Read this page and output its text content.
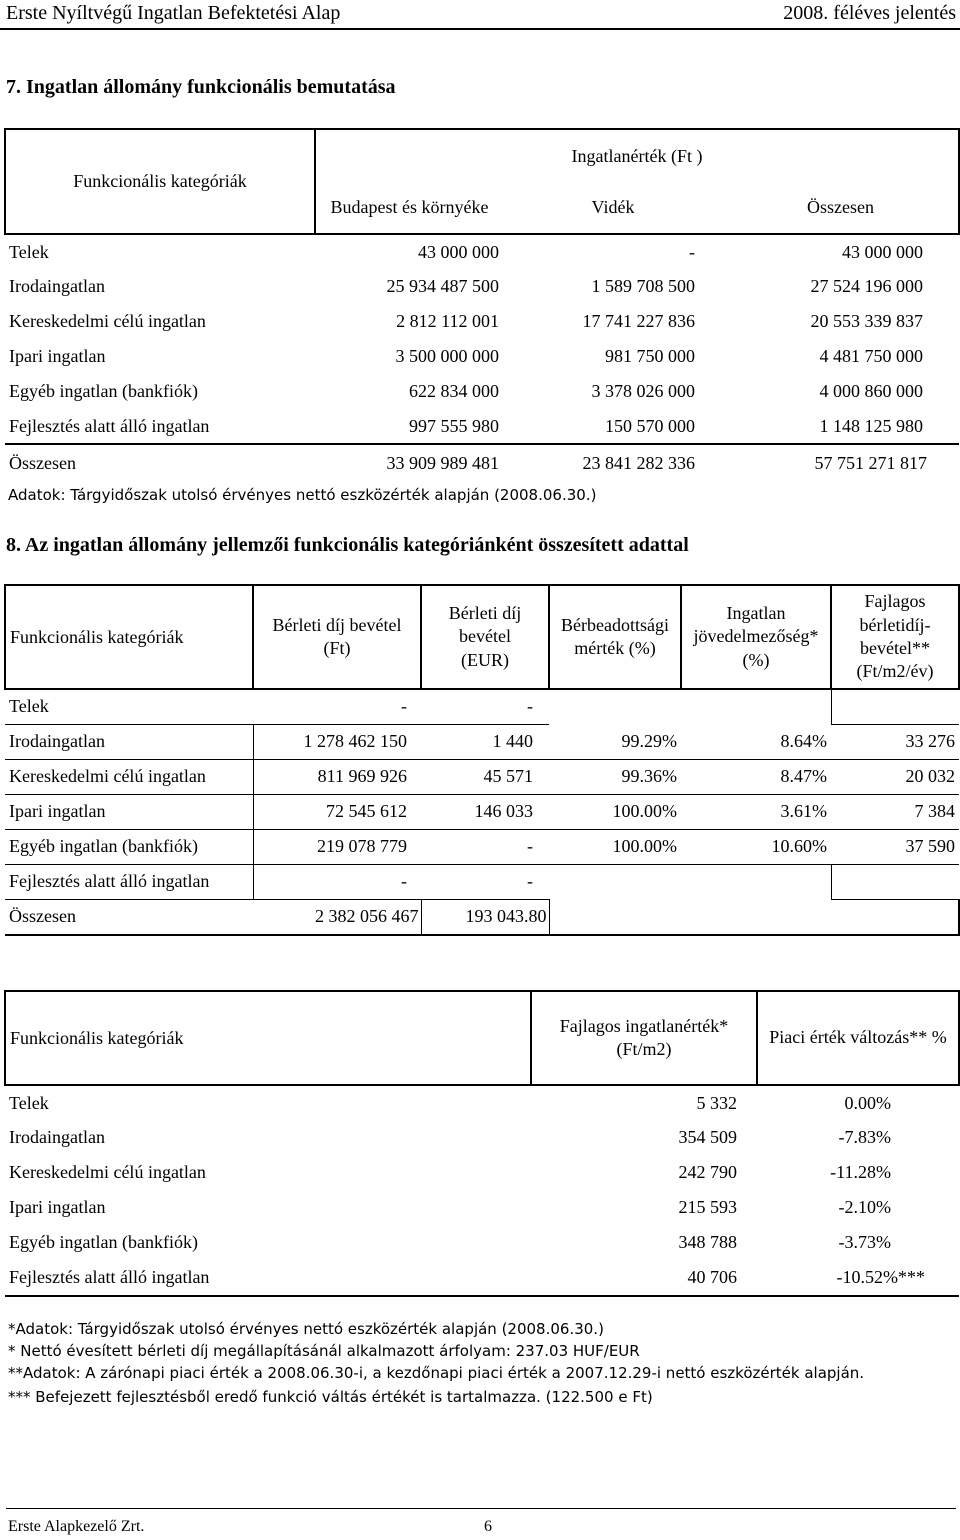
Erste Nyíltvégű Ingatlan Befektetési Alap	2008. féléves jelentés
7. Ingatlan állomány funkcionális bemutatása
Funkcionális kategóriák	Ingatlanérték (Ft )		
	Budapest és környéke	Vidék	Összesen
Telek	43 000 000	-	43 000 000
Irodaingatlan	25 934 487 500	1 589 708 500	27 524 196 000
Kereskedelmi célú ingatlan	2 812 112 001	17 741 227 836	20 553 339 837
Ipari ingatlan	3 500 000 000	981 750 000	4 481 750 000
Egyéb ingatlan (bankfiók)	622 834 000	3 378 026 000	4 000 860 000
Fejlesztés alatt álló ingatlan	997 555 980	150 570 000	1 148 125 980
Összesen	33 909 989 481	23 841 282 336	57 751 271 817
Adatok: Tárgyidőszak utolsó érvényes nettó eszközérték alapján (2008.06.30.)
8. Az ingatlan állomány jellemzői funkcionális kategóriánként összesített adattal
Funkcionális kategóriák	Bérleti díj bevétel (Ft)	Bérleti díj bevétel (EUR)	Bérbeadottsági mérték (%)	Ingatlan jövedelmezőség* (%)	Fajlagos bérletidíj-bevétel** (Ft/m2/év)
Telek	-	-			
Irodaingatlan	1 278 462 150	1 440	99.29%	8.64%	33 276
Kereskedelmi célú ingatlan	811 969 926	45 571	99.36%	8.47%	20 032
Ipari ingatlan	72 545 612	146 033	100.00%	3.61%	7 384
Egyéb ingatlan (bankfiók)	219 078 779	-	100.00%	10.60%	37 590
Fejlesztés alatt álló ingatlan	-	-			
Összesen	2 382 056 467	193 043.80			
Funkcionális kategóriák	Fajlagos ingatlanérték* (Ft/m2)	Piaci érték változás** %
Telek	5 332	0.00%
Irodaingatlan	354 509	-7.83%
Kereskedelmi célú ingatlan	242 790	-11.28%
Ipari ingatlan	215 593	-2.10%
Egyéb ingatlan (bankfiók)	348 788	-3.73%
Fejlesztés alatt álló ingatlan	40 706	-10.52%***
*Adatok: Tárgyidőszak utolsó érvényes nettó eszközérték alapján (2008.06.30.)
* Nettó évesített bérleti díj megállapításánál alkalmazott árfolyam: 237.03 HUF/EUR
**Adatok: A zárónapi piaci érték a 2008.06.30-i, a kezdőnapi piaci érték a 2007.12.29-i nettó eszközérték alapján.
*** Befejezett fejlesztésből eredő funkció váltás értékét is tartalmazza. (122.500 e Ft)
Erste Alapkezelő Zrt.	6
